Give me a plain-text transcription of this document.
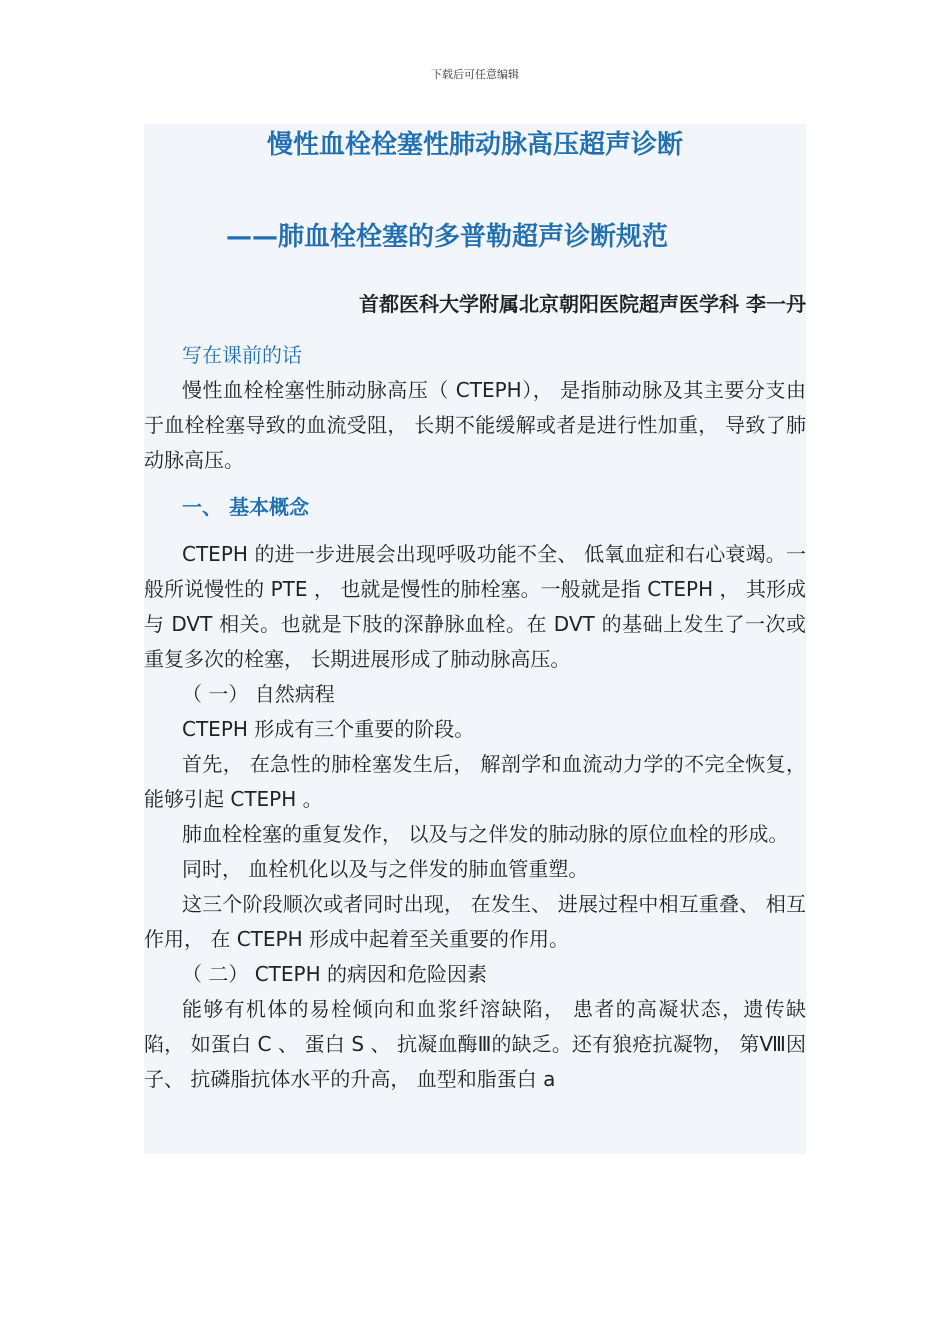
下载后可任意编辑
慢性血栓栓塞性肺动脉高压超声诊断
——肺血栓栓塞的多普勒超声诊断规范
首都医科大学附属北京朝阳医院超声医学科 李一丹

写在课前的话

慢性血栓栓塞性肺动脉高压（ CTEPH）， 是指肺动脉及其主要分支由于血栓栓塞导致的血流受阻， 长期不能缓解或者是进行性加重， 导致了肺动脉高压。

一、 基本概念

CTEPH 的进一步进展会出现呼吸功能不全、 低氧血症和右心衰竭。一般所说慢性的 PTE ， 也就是慢性的肺栓塞。一般就是指 CTEPH ， 其形成与 DVT 相关。也就是下肢的深静脉血栓。在 DVT 的基础上发生了一次或重复多次的栓塞， 长期进展形成了肺动脉高压。

（ 一） 自然病程

CTEPH 形成有三个重要的阶段。

首先， 在急性的肺栓塞发生后， 解剖学和血流动力学的不完全恢复， 能够引起 CTEPH 。

肺血栓栓塞的重复发作， 以及与之伴发的肺动脉的原位血栓的形成。

同时， 血栓机化以及与之伴发的肺血管重塑。

这三个阶段顺次或者同时出现， 在发生、 进展过程中相互重叠、 相互作用， 在 CTEPH 形成中起着至关重要的作用。

（ 二） CTEPH 的病因和危险因素

能够有机体的易栓倾向和血浆纤溶缺陷， 患者的高凝状态，遗传缺陷， 如蛋白 C 、 蛋白 S 、 抗凝血酶Ⅲ的缺乏。还有狼疮抗凝物， 第Ⅷ因子、 抗磷脂抗体水平的升高， 血型和脂蛋白 a
